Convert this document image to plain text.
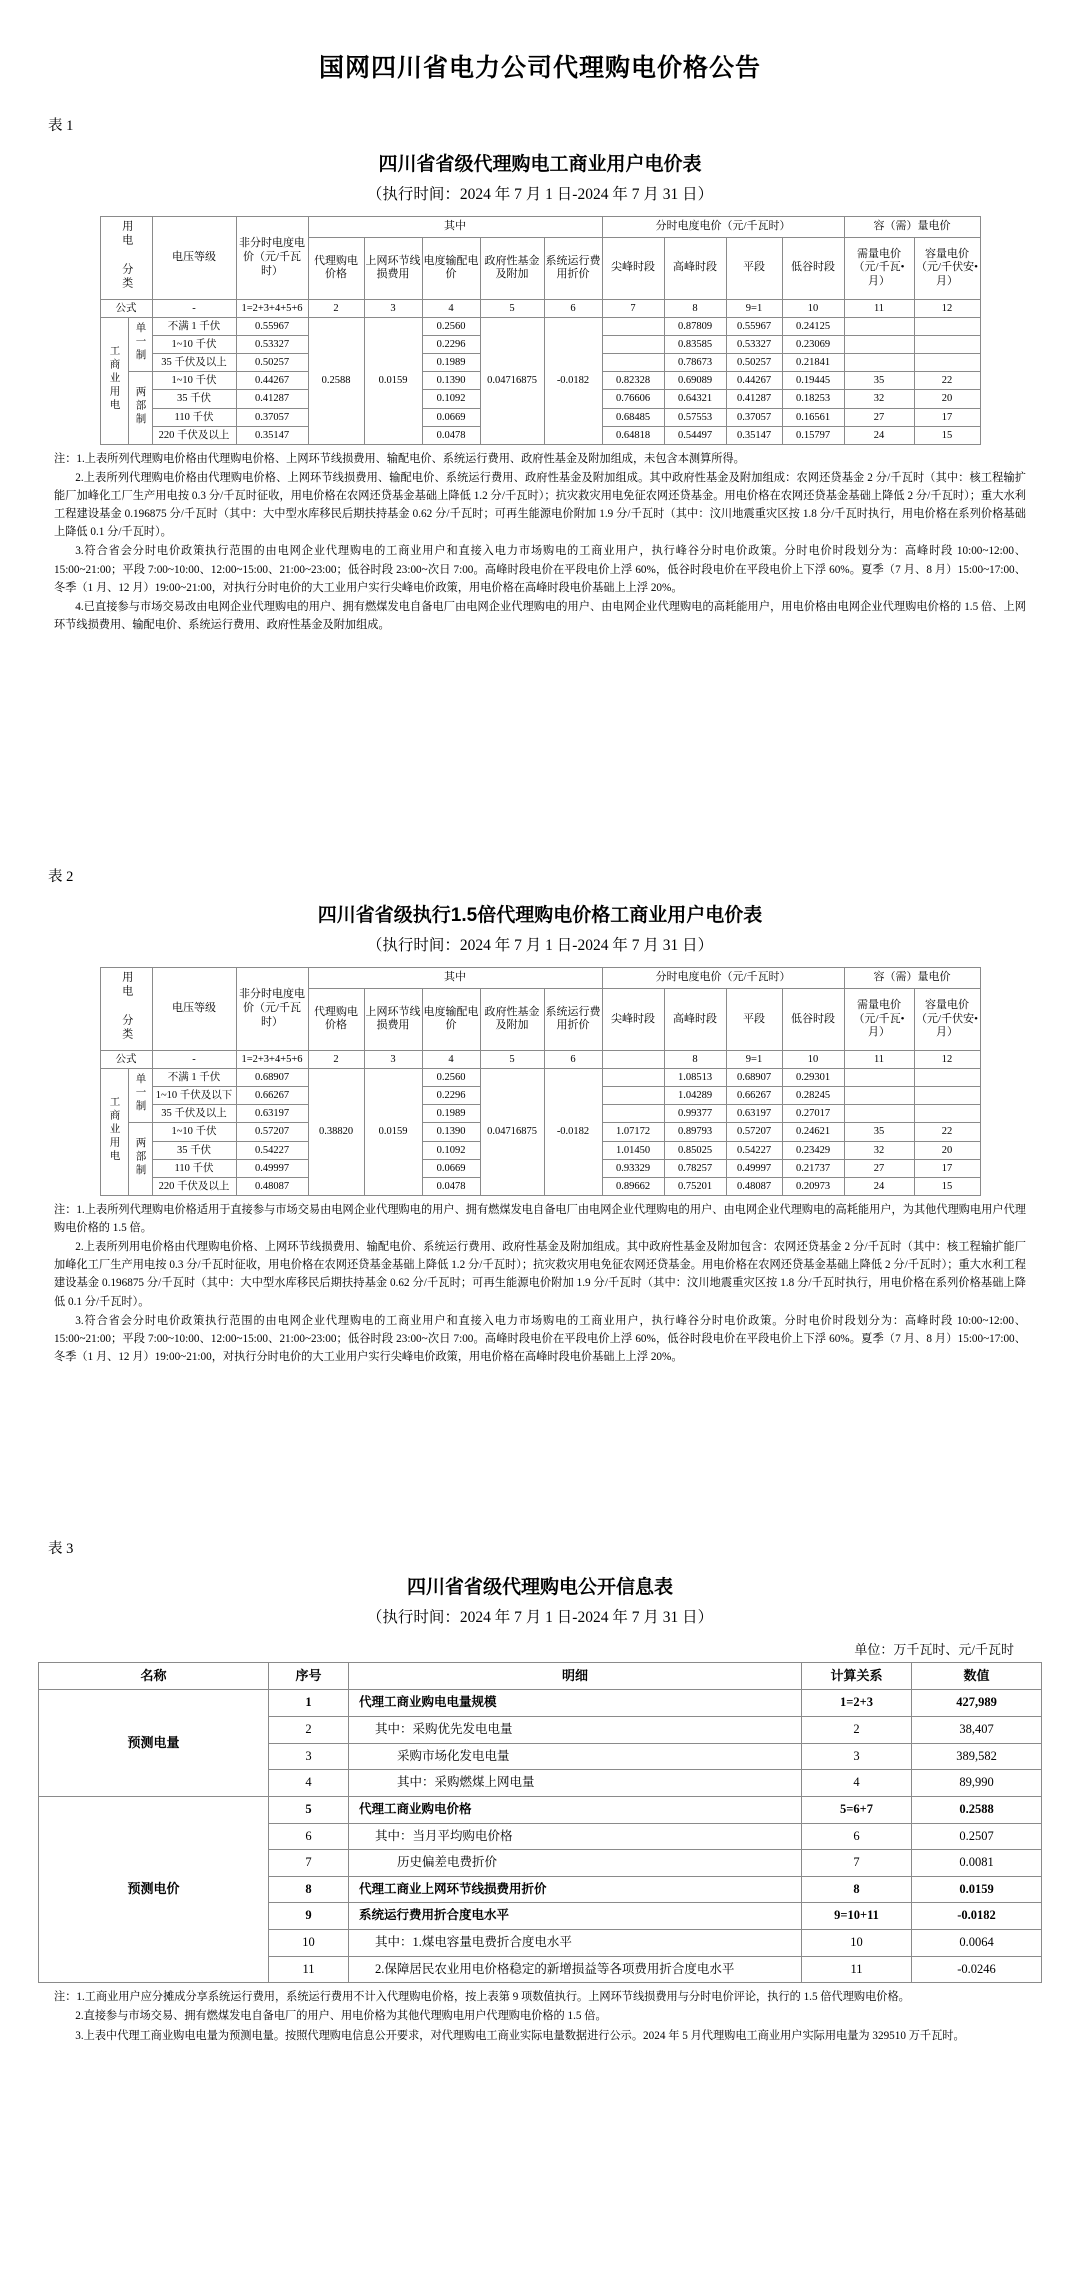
国网四川省电力公司代理购电价格公告
表 1
四川省省级代理购电工商业用户电价表
（执行时间：2024 年 7 月 1 日-2024 年 7 月 31 日）
用电 分类		电压等级	非分时电度电价（元/千瓦时）	其中					分时电度电价（元/千瓦时）				容（需）量电价	
				代理购电价格	上网环节线损费用	电度输配电价	政府性基金及附加	系统运行费用折价	尖峰时段	高峰时段	平段	低谷时段	需量电价（元/千瓦•月）	容量电价（元/千伏安•月）

公式		-	1=2+3+4+5+6	2	3	4	5	6	7	8	9=1	10	11	12
工商业用电	单一制	不满 1 千伏	0.55967	0.2588	0.0159	0.2560	0.04716875	-0.0182		0.87809	0.55967	0.24125		
		1~10 千伏	0.53327			0.2296				0.83585	0.53327	0.23069		
		35 千伏及以上	0.50257			0.1989				0.78673	0.50257	0.21841		
	两部制	1~10 千伏	0.44267			0.1390			0.82328	0.69089	0.44267	0.19445	35	22
		35 千伏	0.41287			0.1092			0.76606	0.64321	0.41287	0.18253	32	20
		110 千伏	0.37057			0.0669			0.68485	0.57553	0.37057	0.16561	27	17
		220 千伏及以上	0.35147			0.0478			0.64818	0.54497	0.35147	0.15797	24	15

注：1.上表所列代理购电价格由代理购电价格、上网环节线损费用、输配电价、系统运行费用、政府性基金及附加组成，未包含本测算所得。

2.上表所列代理购电价格由代理购电价格、上网环节线损费用、输配电价、系统运行费用、政府性基金及附加组成。其中政府性基金及附加组成：农网还贷基金 2 分/千瓦时（其中：核工程输扩能厂加峰化工厂生产用电按 0.3 分/千瓦时征收，用电价格在农网还贷基金基础上降低 1.2 分/千瓦时）；抗灾救灾用电免征农网还贷基金。用电价格在农网还贷基金基础上降低 2 分/千瓦时）；重大水利工程建设基金 0.196875 分/千瓦时（其中：大中型水库移民后期扶持基金 0.62 分/千瓦时；可再生能源电价附加 1.9 分/千瓦时（其中：汶川地震重灾区按 1.8 分/千瓦时执行，用电价格在系列价格基础上降低 0.1 分/千瓦时）。

3.符合省会分时电价政策执行范围的由电网企业代理购电的工商业用户和直接入电力市场购电的工商业用户，执行峰谷分时电价政策。分时电价时段划分为：高峰时段 10:00~12:00、15:00~21:00；平段 7:00~10:00、12:00~15:00、21:00~23:00；低谷时段 23:00~次日 7:00。高峰时段电价在平段电价上浮 60%，低谷时段电价在平段电价上下浮 60%。夏季（7 月、8 月）15:00~17:00、冬季（1 月、12 月）19:00~21:00，对执行分时电价的大工业用户实行尖峰电价政策，用电价格在高峰时段电价基础上上浮 20%。

4.已直接参与市场交易改由电网企业代理购电的用户、拥有燃煤发电自备电厂由电网企业代理购电的用户、由电网企业代理购电的高耗能用户，用电价格由电网企业代理购电价格的 1.5 倍、上网环节线损费用、输配电价、系统运行费用、政府性基金及附加组成。

表 2
四川省省级执行1.5倍代理购电价格工商业用户电价表
（执行时间：2024 年 7 月 1 日-2024 年 7 月 31 日）
用电 分类		电压等级	非分时电度电价（元/千瓦时）	其中					分时电度电价（元/千瓦时）				容（需）量电价	
				代理购电价格	上网环节线损费用	电度输配电价	政府性基金及附加	系统运行费用折价	尖峰时段	高峰时段	平段	低谷时段	需量电价（元/千瓦•月）	容量电价（元/千伏安•月）

公式		-	1=2+3+4+5+6	2	3	4	5	6		8	9=1	10	11	12
工商业用电	单一制	不满 1 千伏	0.68907	0.38820	0.0159	0.2560	0.04716875	-0.0182		1.08513	0.68907	0.29301		
		1~10 千伏及以下	0.66267			0.2296				1.04289	0.66267	0.28245		
		35 千伏及以上	0.63197			0.1989				0.99377	0.63197	0.27017		
	两部制	1~10 千伏	0.57207			0.1390			1.07172	0.89793	0.57207	0.24621	35	22
		35 千伏	0.54227			0.1092			1.01450	0.85025	0.54227	0.23429	32	20
		110 千伏	0.49997			0.0669			0.93329	0.78257	0.49997	0.21737	27	17
		220 千伏及以上	0.48087			0.0478			0.89662	0.75201	0.48087	0.20973	24	15

注：1.上表所列代理购电价格适用于直接参与市场交易由电网企业代理购电的用户、拥有燃煤发电自备电厂由电网企业代理购电的用户、由电网企业代理购电的高耗能用户，为其他代理购电用户代理购电价格的 1.5 倍。

2.上表所列用电价格由代理购电价格、上网环节线损费用、输配电价、系统运行费用、政府性基金及附加组成。其中政府性基金及附加包含：农网还贷基金 2 分/千瓦时（其中：核工程输扩能厂加峰化工厂生产用电按 0.3 分/千瓦时征收，用电价格在农网还贷基金基础上降低 1.2 分/千瓦时）；抗灾救灾用电免征农网还贷基金。用电价格在农网还贷基金基础上降低 2 分/千瓦时）；重大水利工程建设基金 0.196875 分/千瓦时（其中：大中型水库移民后期扶持基金 0.62 分/千瓦时；可再生能源电价附加 1.9 分/千瓦时（其中：汶川地震重灾区按 1.8 分/千瓦时执行，用电价格在系列价格基础上降低 0.1 分/千瓦时）。

3.符合省会分时电价政策执行范围的由电网企业代理购电的工商业用户和直接入电力市场购电的工商业用户，执行峰谷分时电价政策。分时电价时段划分为：高峰时段 10:00~12:00、15:00~21:00；平段 7:00~10:00、12:00~15:00、21:00~23:00；低谷时段 23:00~次日 7:00。高峰时段电价在平段电价上浮 60%，低谷时段电价在平段电价上下浮 60%。夏季（7 月、8 月）15:00~17:00、冬季（1 月、12 月）19:00~21:00，对执行分时电价的大工业用户实行尖峰电价政策，用电价格在高峰时段电价基础上上浮 20%。

表 3
四川省省级代理购电公开信息表
（执行时间：2024 年 7 月 1 日-2024 年 7 月 31 日）
单位：万千瓦时、元/千瓦时
名称	序号	明细	计算关系	数值
预测电量	1	代理工商业购电电量规模	1=2+3	427,989
	2	其中：采购优先发电电量	2	38,407
	3	采购市场化发电电量	3	389,582
	4	其中：采购燃煤上网电量	4	89,990
预测电价	5	代理工商业购电价格	5=6+7	0.2588
	6	其中：当月平均购电价格	6	0.2507
	7	历史偏差电费折价	7	0.0081
	8	代理工商业上网环节线损费用折价	8	0.0159
	9	系统运行费用折合度电水平	9=10+11	-0.0182
	10	其中：1.煤电容量电费折合度电水平	10	0.0064
	11	2.保障居民农业用电价格稳定的新增损益等各项费用折合度电水平	11	-0.0246

注：1.工商业用户应分摊成分享系统运行费用，系统运行费用不计入代理购电价格，按上表第 9 项数值执行。上网环节线损费用与分时电价评论，执行的 1.5 倍代理购电价格。

2.直接参与市场交易、拥有燃煤发电自备电厂的用户、用电价格为其他代理购电用户代理购电价格的 1.5 倍。

3.上表中代理工商业购电电量为预测电量。按照代理购电信息公开要求，对代理购电工商业实际电量数据进行公示。2024 年 5 月代理购电工商业用户实际用电量为 329510 万千瓦时。
